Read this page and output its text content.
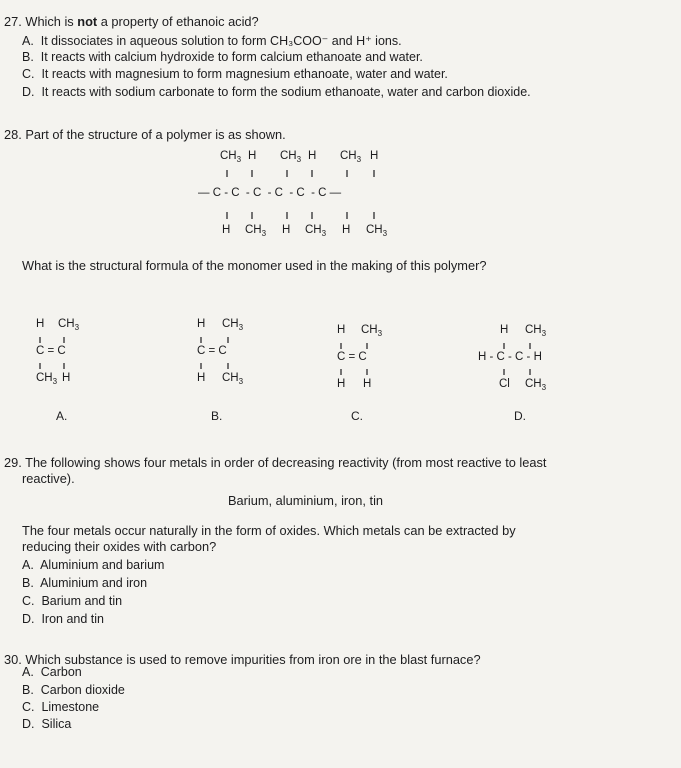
27. Which is not a property of ethanoic acid?
A. It dissociates in aqueous solution to form CH₃COO⁻ and H⁺ ions.
B. It reacts with calcium hydroxide to form calcium ethanoate and water.
C. It reacts with magnesium to form magnesium ethanoate, water and water.
D. It reacts with sodium carbonate to form the sodium ethanoate, water and carbon dioxide.
28. Part of the structure of a polymer is as shown.
$CH_3$ H $CH_3$ H $CH_3$ H
— C - C  - C  - C  - C  - C —
H $CH_3$ H $CH_3$ H $CH_3$
What is the structural formula of the monomer used in the making of this polymer?
H $CH_3$
C = C
$CH_3$ H
A.
H $CH_3$
C = C
H $CH_3$
B.
H $CH_3$
C = C
H H
C.
H $CH_3$
H - C - C - H
Cl $CH_3$
D.
29. The following shows four metals in order of decreasing reactivity (from most reactive to least
reactive).
Barium, aluminium, iron, tin
The four metals occur naturally in the form of oxides. Which metals can be extracted by
reducing their oxides with carbon?
A. Aluminium and barium
B. Aluminium and iron
C. Barium and tin
D. Iron and tin
30. Which substance is used to remove impurities from iron ore in the blast furnace?
A. Carbon
B. Carbon dioxide
C. Limestone
D. Silica
